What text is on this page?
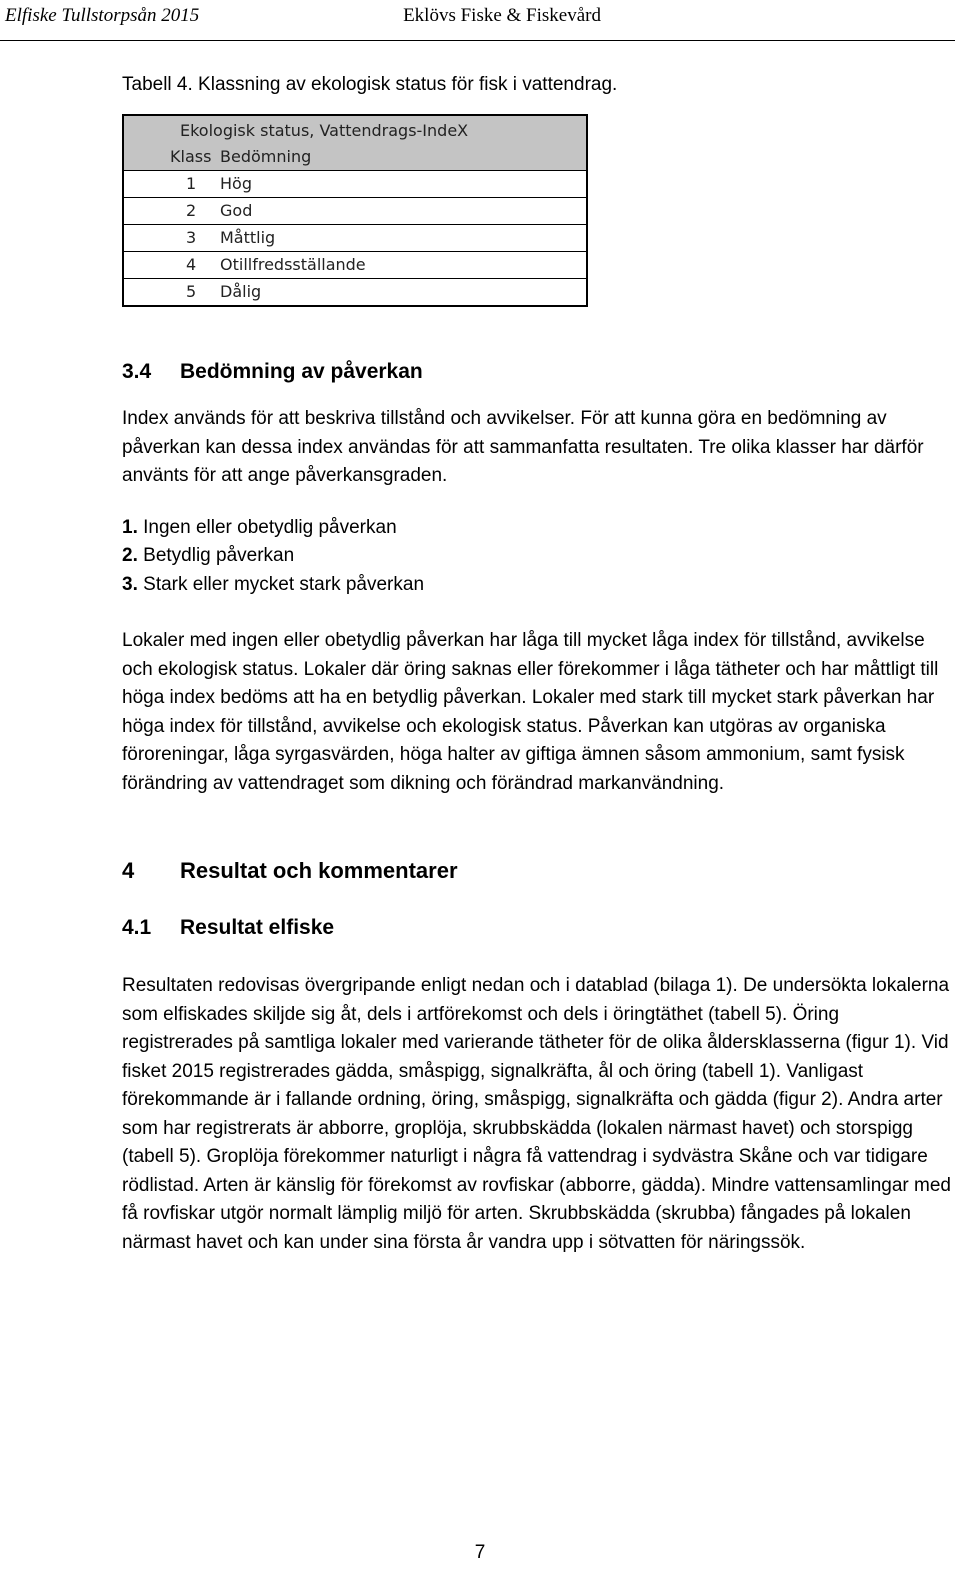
Elfiske Tullstorpsån 2015	Eklövs Fiske & Fiskevård

Tabell 4. Klassning av ekologisk status för fisk i vattendrag.

Ekologisk status, Vattendrags-IndeX
Klass Bedömning
1	Hög
2	God
3	Måttlig
4	Otillfredsställande
5	Dålig
3.4	Bedömning av påverkan

Index används för att beskriva tillstånd och avvikelser. För att kunna göra en bedömning av påverkan kan dessa index användas för att sammanfatta resultaten. Tre olika klasser har därför använts för att ange påverkansgraden.

1. Ingen eller obetydlig påverkan
2. Betydlig påverkan
3. Stark eller mycket stark påverkan

Lokaler med ingen eller obetydlig påverkan har låga till mycket låga index för tillstånd, avvikelse och ekologisk status. Lokaler där öring saknas eller förekommer i låga tätheter och har måttligt till höga index bedöms att ha en betydlig påverkan. Lokaler med stark till mycket stark påverkan har höga index för tillstånd, avvikelse och ekologisk status. Påverkan kan utgöras av organiska föroreningar, låga syrgasvärden, höga halter av giftiga ämnen såsom ammonium, samt fysisk förändring av vattendraget som dikning och förändrad markanvändning.

4	Resultat och kommentarer
4.1	Resultat elfiske

Resultaten redovisas övergripande enligt nedan och i datablad (bilaga 1). De undersökta lokalerna som elfiskades skiljde sig åt, dels i artförekomst och dels i öringtäthet (tabell 5). Öring registrerades på samtliga lokaler med varierande tätheter för de olika åldersklasserna (figur 1). Vid fisket 2015 registrerades gädda, småspigg, signalkräfta, ål och öring (tabell 1). Vanligast förekommande är i fallande ordning, öring, småspigg, signalkräfta och gädda (figur 2). Andra arter som har registrerats är abborre, groplöja, skrubbskädda (lokalen närmast havet) och storspigg (tabell 5). Groplöja förekommer naturligt i några få vattendrag i sydvästra Skåne och var tidigare rödlistad. Arten är känslig för förekomst av rovfiskar (abborre, gädda). Mindre vattensamlingar med få rovfiskar utgör normalt lämplig miljö för arten. Skrubbskädda (skrubba) fångades på lokalen närmast havet och kan under sina första år vandra upp i sötvatten för näringssök.

7
